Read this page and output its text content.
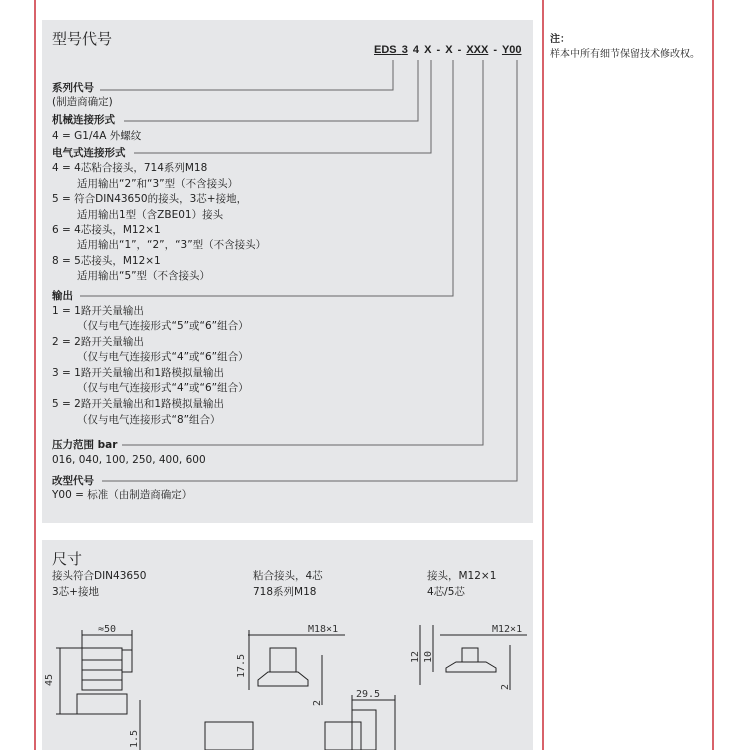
注：
样本中所有细节保留技术修改权。
型号代号
EDS 3 4 X - X - XXX - Y00
系列代号
(制造商确定)
机械连接形式
4 = G1/4A 外螺纹
电气式连接形式
4 = 4芯粘合接头，714系列M18
适用输出“2”和“3”型（不含接头）
5 = 符合DIN43650的接头，3芯+接地，
适用输出1型（含ZBE01）接头
6 = 4芯接头，M12×1
适用输出“1”，“2”，“3”型（不含接头）
8 = 5芯接头，M12×1
适用输出“5”型（不含接头）
输出
1 = 1路开关量输出
（仅与电气连接形式“5”或“6”组合）
2 = 2路开关量输出
（仅与电气连接形式“4”或“6”组合）
3 = 1路开关量输出和1路模拟量输出
（仅与电气连接形式“4”或“6”组合）
5 = 2路开关量输出和1路模拟量输出
（仅与电气连接形式“8”组合）
压力范围 bar
016, 040, 100, 250, 400, 600
改型代号
Y00 = 标准（由制造商确定）
尺寸
接头符合DIN43650
3芯+接地
粘合接头，4芯
718系列M18
接头，M12×1
4芯/5芯
≈50
45
1.5
M18×1
17.5
2
29.5
M12×1
12 10
2
